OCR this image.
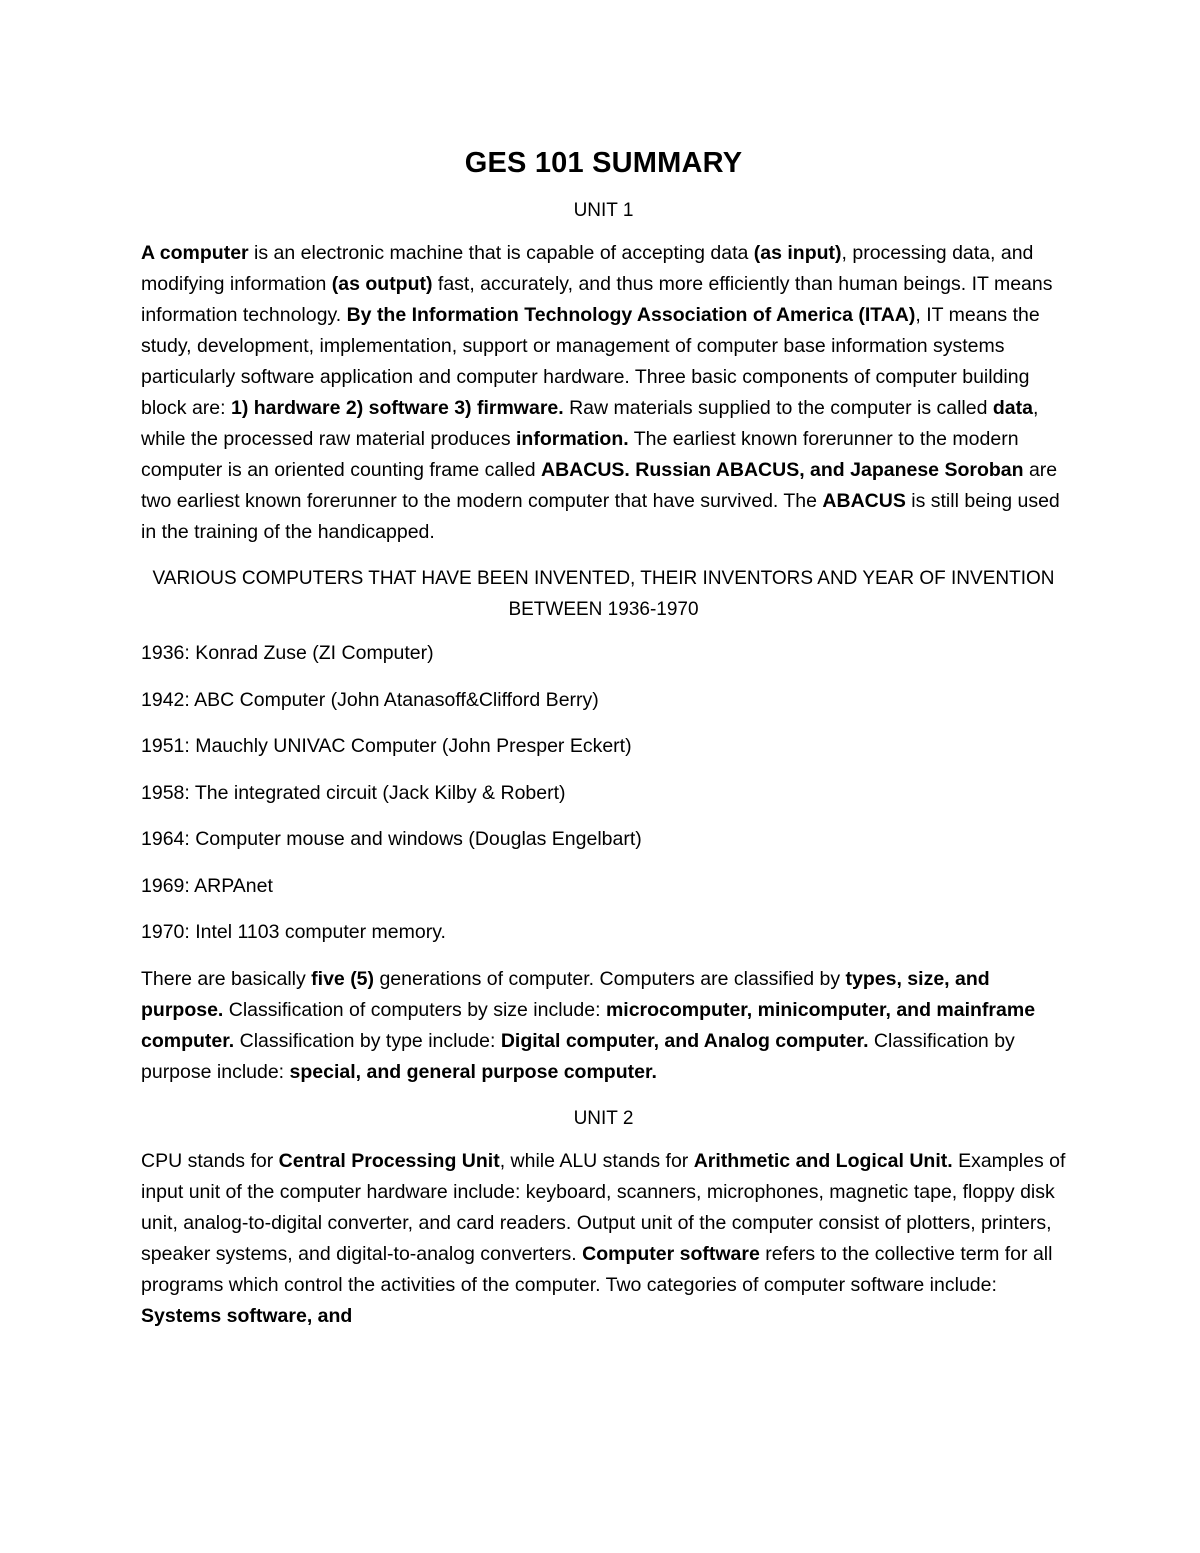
GES 101 SUMMARY
UNIT 1

A computer is an electronic machine that is capable of accepting data (as input), processing data, and modifying information (as output) fast, accurately, and thus more efficiently than human beings. IT means information technology. By the Information Technology Association of America (ITAA), IT means the study, development, implementation, support or management of computer base information systems particularly software application and computer hardware. Three basic components of computer building block are: 1) hardware 2) software 3) firmware. Raw materials supplied to the computer is called data, while the processed raw material produces information. The earliest known forerunner to the modern computer is an oriented counting frame called ABACUS. Russian ABACUS, and Japanese Soroban are two earliest known forerunner to the modern computer that have survived. The ABACUS is still being used in the training of the handicapped.

VARIOUS COMPUTERS THAT HAVE BEEN INVENTED, THEIR INVENTORS AND YEAR OF INVENTION BETWEEN 1936-1970
1936: Konrad Zuse (ZI Computer)
1942: ABC Computer (John Atanasoff&Clifford Berry)
1951: Mauchly UNIVAC Computer (John Presper Eckert)
1958: The integrated circuit (Jack Kilby & Robert)
1964: Computer mouse and windows (Douglas Engelbart)
1969: ARPAnet
1970: Intel 1103 computer memory.

There are basically five (5) generations of computer. Computers are classified by types, size, and purpose. Classification of computers by size include: microcomputer, minicomputer, and mainframe computer. Classification by type include: Digital computer, and Analog computer. Classification by purpose include: special, and general purpose computer.

UNIT 2

CPU stands for Central Processing Unit, while ALU stands for Arithmetic and Logical Unit. Examples of input unit of the computer hardware include: keyboard, scanners, microphones, magnetic tape, floppy disk unit, analog-to-digital converter, and card readers. Output unit of the computer consist of plotters, printers, speaker systems, and digital-to-analog converters. Computer software refers to the collective term for all programs which control the activities of the computer. Two categories of computer software include: Systems software, and
